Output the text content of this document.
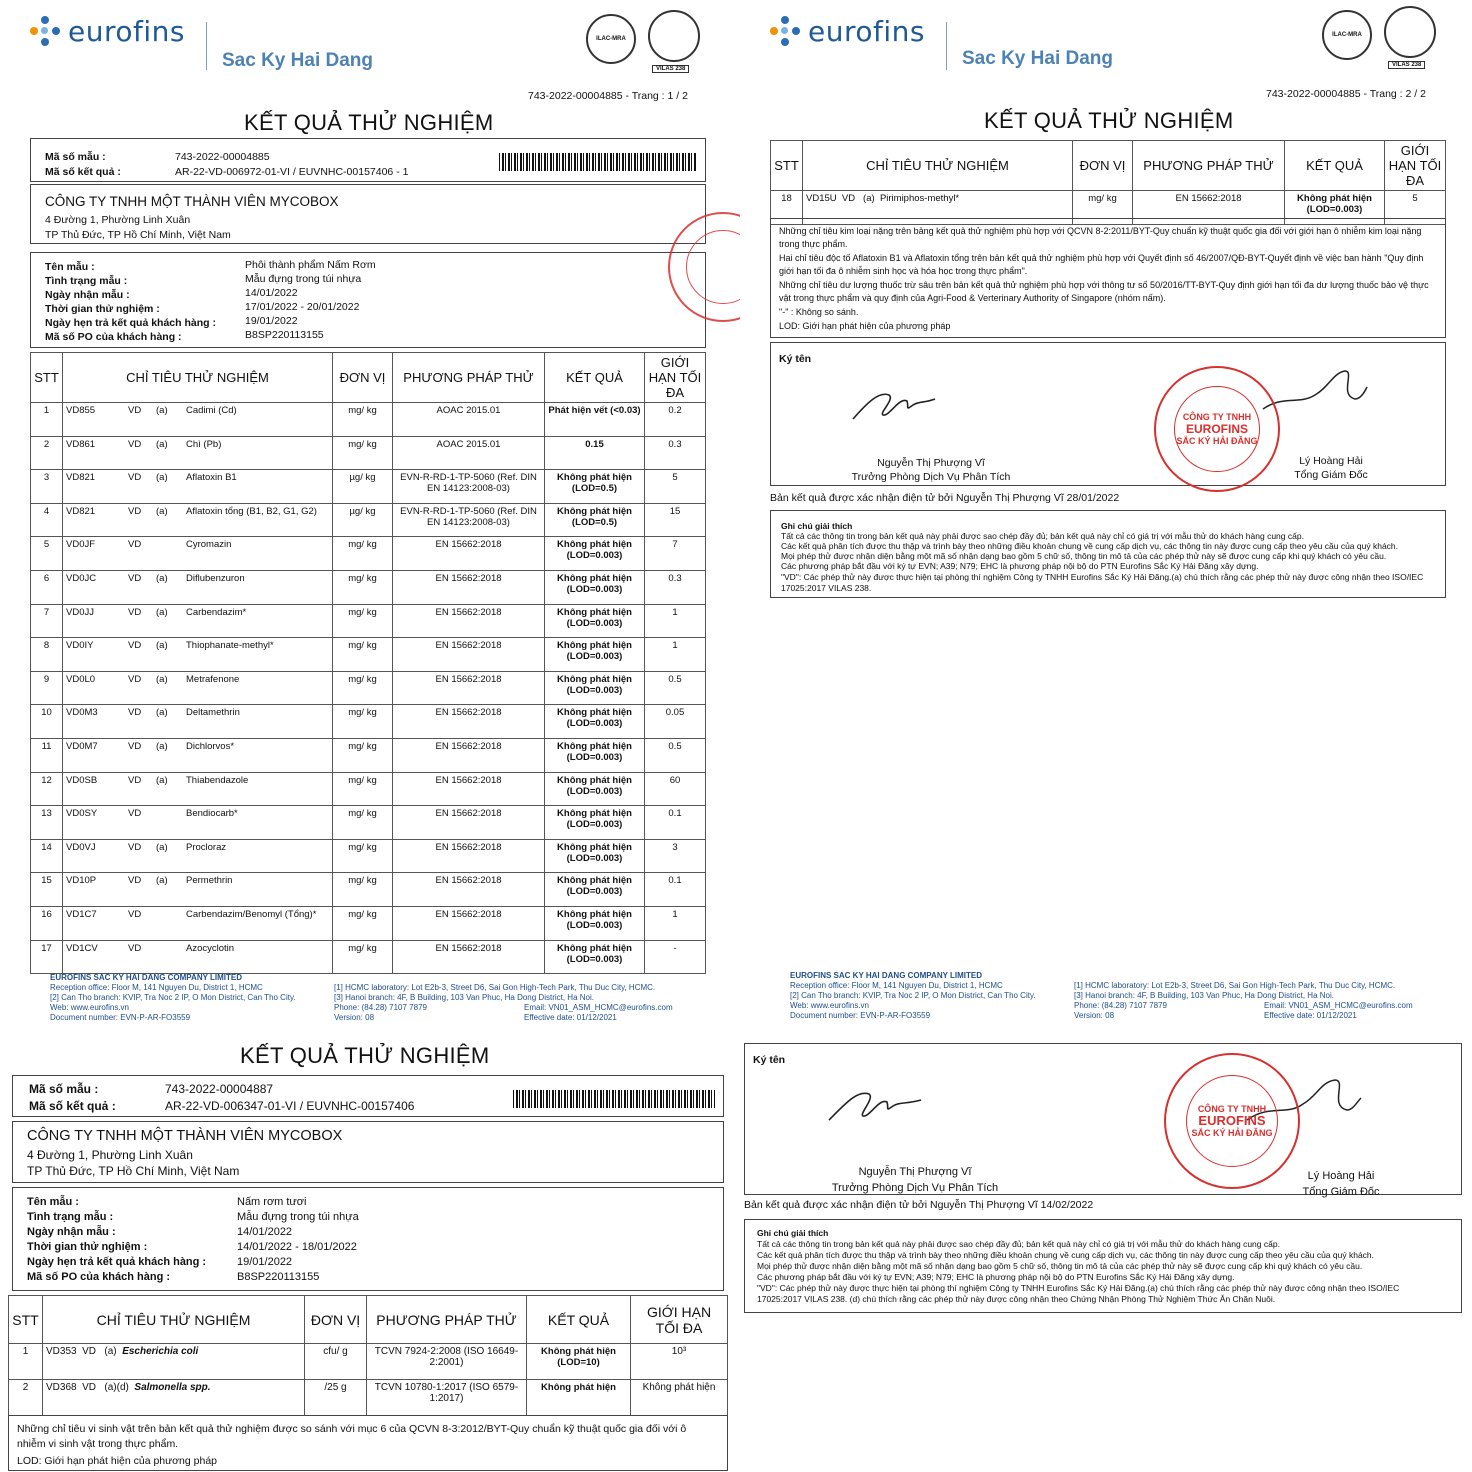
eurofins
Sac Ky Hai Dang
ILAC-MRA
VILAS 238
743-2022-00004885 - Trang : 1 / 2
KẾT QUẢ THỬ NGHIỆM
Mã số mẫu :	743-2022-00004885
Mã số kết quả :	AR-22-VD-006972-01-VI / EUVNHC-00157406 - 1
CÔNG TY TNHH MỘT THÀNH VIÊN MYCOBOX
4 Đường 1, Phường Linh Xuân
TP Thủ Đức, TP Hồ Chí Minh, Việt Nam
Tên mẫu :	Phôi thành phẩm Nấm Rơm
Tình trạng mẫu :	Mẫu đựng trong túi nhựa
Ngày nhận mẫu :	14/01/2022
Thời gian thử nghiệm :	17/01/2022 - 20/01/2022
Ngày hẹn trả kết quả khách hàng :	19/01/2022
Mã số PO của khách hàng :	B8SP220113155
STT	CHỈ TIÊU THỬ NGHIỆM	ĐƠN VỊ	PHƯƠNG PHÁP THỬ	KẾT QUẢ	GIỚI HẠN TỐI ĐA
1	VD855 VD (a) Cadimi (Cd)	mg/ kg	AOAC 2015.01	Phát hiện vết (<0.03)	0.2
2	VD861 VD (a) Chì (Pb)	mg/ kg	AOAC 2015.01	0.15	0.3
3	VD821 VD (a) Aflatoxin B1	µg/ kg	EVN-R-RD-1-TP-5060 (Ref. DIN EN 14123:2008-03)	Không phát hiện (LOD=0.5)	5
4	VD821 VD (a) Aflatoxin tổng (B1, B2, G1, G2)	µg/ kg	EVN-R-RD-1-TP-5060 (Ref. DIN EN 14123:2008-03)	Không phát hiện (LOD=0.5)	15
5	VD0JF VD Cyromazin	mg/ kg	EN 15662:2018	Không phát hiện (LOD=0.003)	7
6	VD0JC VD (a) Diflubenzuron	mg/ kg	EN 15662:2018	Không phát hiện (LOD=0.003)	0.3
7	VD0JJ VD (a) Carbendazim*	mg/ kg	EN 15662:2018	Không phát hiện (LOD=0.003)	1
8	VD0IY VD (a) Thiophanate-methyl*	mg/ kg	EN 15662:2018	Không phát hiện (LOD=0.003)	1
9	VD0L0 VD (a) Metrafenone	mg/ kg	EN 15662:2018	Không phát hiện (LOD=0.003)	0.5
10	VD0M3 VD (a) Deltamethrin	mg/ kg	EN 15662:2018	Không phát hiện (LOD=0.003)	0.05
11	VD0M7 VD (a) Dichlorvos*	mg/ kg	EN 15662:2018	Không phát hiện (LOD=0.003)	0.5
12	VD0SB VD (a) Thiabendazole	mg/ kg	EN 15662:2018	Không phát hiện (LOD=0.003)	60
13	VD0SY VD Bendiocarb*	mg/ kg	EN 15662:2018	Không phát hiện (LOD=0.003)	0.1
14	VD0VJ VD (a) Procloraz	mg/ kg	EN 15662:2018	Không phát hiện (LOD=0.003)	3
15	VD10P VD (a) Permethrin	mg/ kg	EN 15662:2018	Không phát hiện (LOD=0.003)	0.1
16	VD1C7 VD Carbendazim/Benomyl (Tổng)*	mg/ kg	EN 15662:2018	Không phát hiện (LOD=0.003)	1
17	VD1CV VD Azocyclotin	mg/ kg	EN 15662:2018	Không phát hiện (LOD=0.003)	-
EUROFINS SAC KY HAI DANG COMPANY LIMITED
Reception office: Floor M, 141 Nguyen Du, District 1, HCMC
[2] Can Tho branch: KVIP, Tra Noc 2 IP, O Mon District, Can Tho City.
Web: www.eurofins.vn
Document number: EVN-P-AR-FO3559
[1] HCMC laboratory: Lot E2b-3, Street D6, Sai Gon High-Tech Park, Thu Duc City, HCMC.
[3] Hanoi branch: 4F, B Building, 103 Van Phuc, Ha Dong District, Ha Noi.
Phone: (84.28) 7107 7879	Email: VN01_ASM_HCMC@eurofins.com
Version: 08	Effective date: 01/12/2021
eurofins
Sac Ky Hai Dang
ILAC-MRA
VILAS 238
743-2022-00004885 - Trang : 2 / 2
KẾT QUẢ THỬ NGHIỆM
STT	CHỈ TIÊU THỬ NGHIỆM	ĐƠN VỊ	PHƯƠNG PHÁP THỬ	KẾT QUẢ	GIỚI HẠN TỐI ĐA
18	VD15U VD (a) Pirimiphos-methyl*	mg/ kg	EN 15662:2018	Không phát hiện (LOD=0.003)	5
Những chỉ tiêu kim loại nặng trên bảng kết quả thử nghiệm phù hợp với QCVN 8-2:2011/BYT-Quy chuẩn kỹ thuật quốc gia đối với giới hạn ô nhiễm kim loại nặng trong thực phẩm.
Hai chỉ tiêu độc tố Aflatoxin B1 và Aflatoxin tổng trên bản kết quả thử nghiệm phù hợp với Quyết định số 46/2007/QĐ-BYT-Quyết định về việc ban hành "Quy định giới hạn tối đa ô nhiễm sinh học và hóa học trong thực phẩm".
Những chỉ tiêu dư lượng thuốc trừ sâu trên bản kết quả thử nghiệm phù hợp với thông tư số 50/2016/TT-BYT-Quy định giới hạn tối đa dư lượng thuốc bảo vệ thực vật trong thực phẩm và quy định của Agri-Food & Verterinary Authority of Singapore (nhóm nấm).
"-" : Không so sánh.
LOD: Giới hạn phát hiện của phương pháp
Ký tên
Nguyễn Thị Phượng Vĩ
Trưởng Phòng Dịch Vụ Phân Tích
Lý Hoàng Hải
Tổng Giám Đốc
CÔNG TY TNHH
EUROFINS
SẮC KÝ HẢI ĐĂNG
Bản kết quả được xác nhận điện tử bởi Nguyễn Thị Phượng Vĩ 28/01/2022
Ghi chú giải thích
Tất cả các thông tin trong bản kết quả này phải được sao chép đầy đủ; bản kết quả này chỉ có giá trị với mẫu thử do khách hàng cung cấp.
Các kết quả phân tích được thu thập và trình bày theo những điều khoản chung về cung cấp dịch vụ, các thông tin này được cung cấp theo yêu cầu của quý khách.
Mọi phép thử được nhận diện bằng một mã số nhận dạng bao gồm 5 chữ số, thông tin mô tả của các phép thử này sẽ được cung cấp khi quý khách có yêu cầu.
Các phương pháp bắt đầu với ký tự EVN; A39; N79; EHC là phương pháp nội bộ do PTN Eurofins Sắc Ký Hải Đăng xây dựng.
"VD": Các phép thử này được thực hiện tại phòng thí nghiệm Công ty TNHH Eurofins Sắc Ký Hải Đăng.(a) chú thích rằng các phép thử này được công nhận theo ISO/IEC 17025:2017 VILAS 238.
EUROFINS SAC KY HAI DANG COMPANY LIMITED
Reception office: Floor M, 141 Nguyen Du, District 1, HCMC
[2] Can Tho branch: KVIP, Tra Noc 2 IP, O Mon District, Can Tho City.
Web: www.eurofins.vn
Document number: EVN-P-AR-FO3559
[1] HCMC laboratory: Lot E2b-3, Street D6, Sai Gon High-Tech Park, Thu Duc City, HCMC.
[3] Hanoi branch: 4F, B Building, 103 Van Phuc, Ha Dong District, Ha Noi.
Phone: (84.28) 7107 7879	Email: VN01_ASM_HCMC@eurofins.com
Version: 08	Effective date: 01/12/2021
KẾT QUẢ THỬ NGHIỆM
Mã số mẫu :	743-2022-00004887
Mã số kết quả :	AR-22-VD-006347-01-VI / EUVNHC-00157406
CÔNG TY TNHH MỘT THÀNH VIÊN MYCOBOX
4 Đường 1, Phường Linh Xuân
TP Thủ Đức, TP Hồ Chí Minh, Việt Nam
Tên mẫu :	Nấm rơm tươi
Tình trạng mẫu :	Mẫu đựng trong túi nhựa
Ngày nhận mẫu :	14/01/2022
Thời gian thử nghiệm :	14/01/2022 - 18/01/2022
Ngày hẹn trả kết quả khách hàng :	19/01/2022
Mã số PO của khách hàng :	B8SP220113155
STT	CHỈ TIÊU THỬ NGHIỆM	ĐƠN VỊ	PHƯƠNG PHÁP THỬ	KẾT QUẢ	GIỚI HẠN TỐI ĐA
1	VD353 VD (a) Escherichia coli	cfu/ g	TCVN 7924-2:2008 (ISO 16649-2:2001)	Không phát hiện (LOD=10)	10³
2	VD368 VD (a)(d) Salmonella spp.	/25 g	TCVN 10780-1:2017 (ISO 6579-1:2017)	Không phát hiện	Không phát hiện
Những chỉ tiêu vi sinh vật trên bản kết quả thử nghiệm được so sánh với mục 6 của QCVN 8-3:2012/BYT-Quy chuẩn kỹ thuật quốc gia đối với ô nhiễm vi sinh vật trong thực phẩm.
LOD: Giới hạn phát hiện của phương pháp
Ký tên
Nguyễn Thị Phượng Vĩ
Trưởng Phòng Dịch Vụ Phân Tích
Lý Hoàng Hải
Tổng Giám Đốc
CÔNG TY TNHH
EUROFINS
SẮC KÝ HẢI ĐĂNG
Bản kết quả được xác nhận điện tử bởi Nguyễn Thị Phượng Vĩ 14/02/2022
Ghi chú giải thích
Tất cả các thông tin trong bản kết quả này phải được sao chép đầy đủ; bản kết quả này chỉ có giá trị với mẫu thử do khách hàng cung cấp.
Các kết quả phân tích được thu thập và trình bày theo những điều khoản chung về cung cấp dịch vụ, các thông tin này được cung cấp theo yêu cầu của quý khách.
Mọi phép thử được nhận diện bằng một mã số nhận dạng bao gồm 5 chữ số, thông tin mô tả của các phép thử này sẽ được cung cấp khi quý khách có yêu cầu.
Các phương pháp bắt đầu với ký tự EVN; A39; N79; EHC là phương pháp nội bộ do PTN Eurofins Sắc Ký Hải Đăng xây dựng.
"VD": Các phép thử này được thực hiện tại phòng thí nghiệm Công ty TNHH Eurofins Sắc Ký Hải Đăng.(a) chú thích rằng các phép thử này được công nhận theo ISO/IEC 17025:2017 VILAS 238. (d) chú thích rằng các phép thử này được công nhận theo Chứng Nhận Phòng Thử Nghiệm Thức Ăn Chăn Nuôi.
